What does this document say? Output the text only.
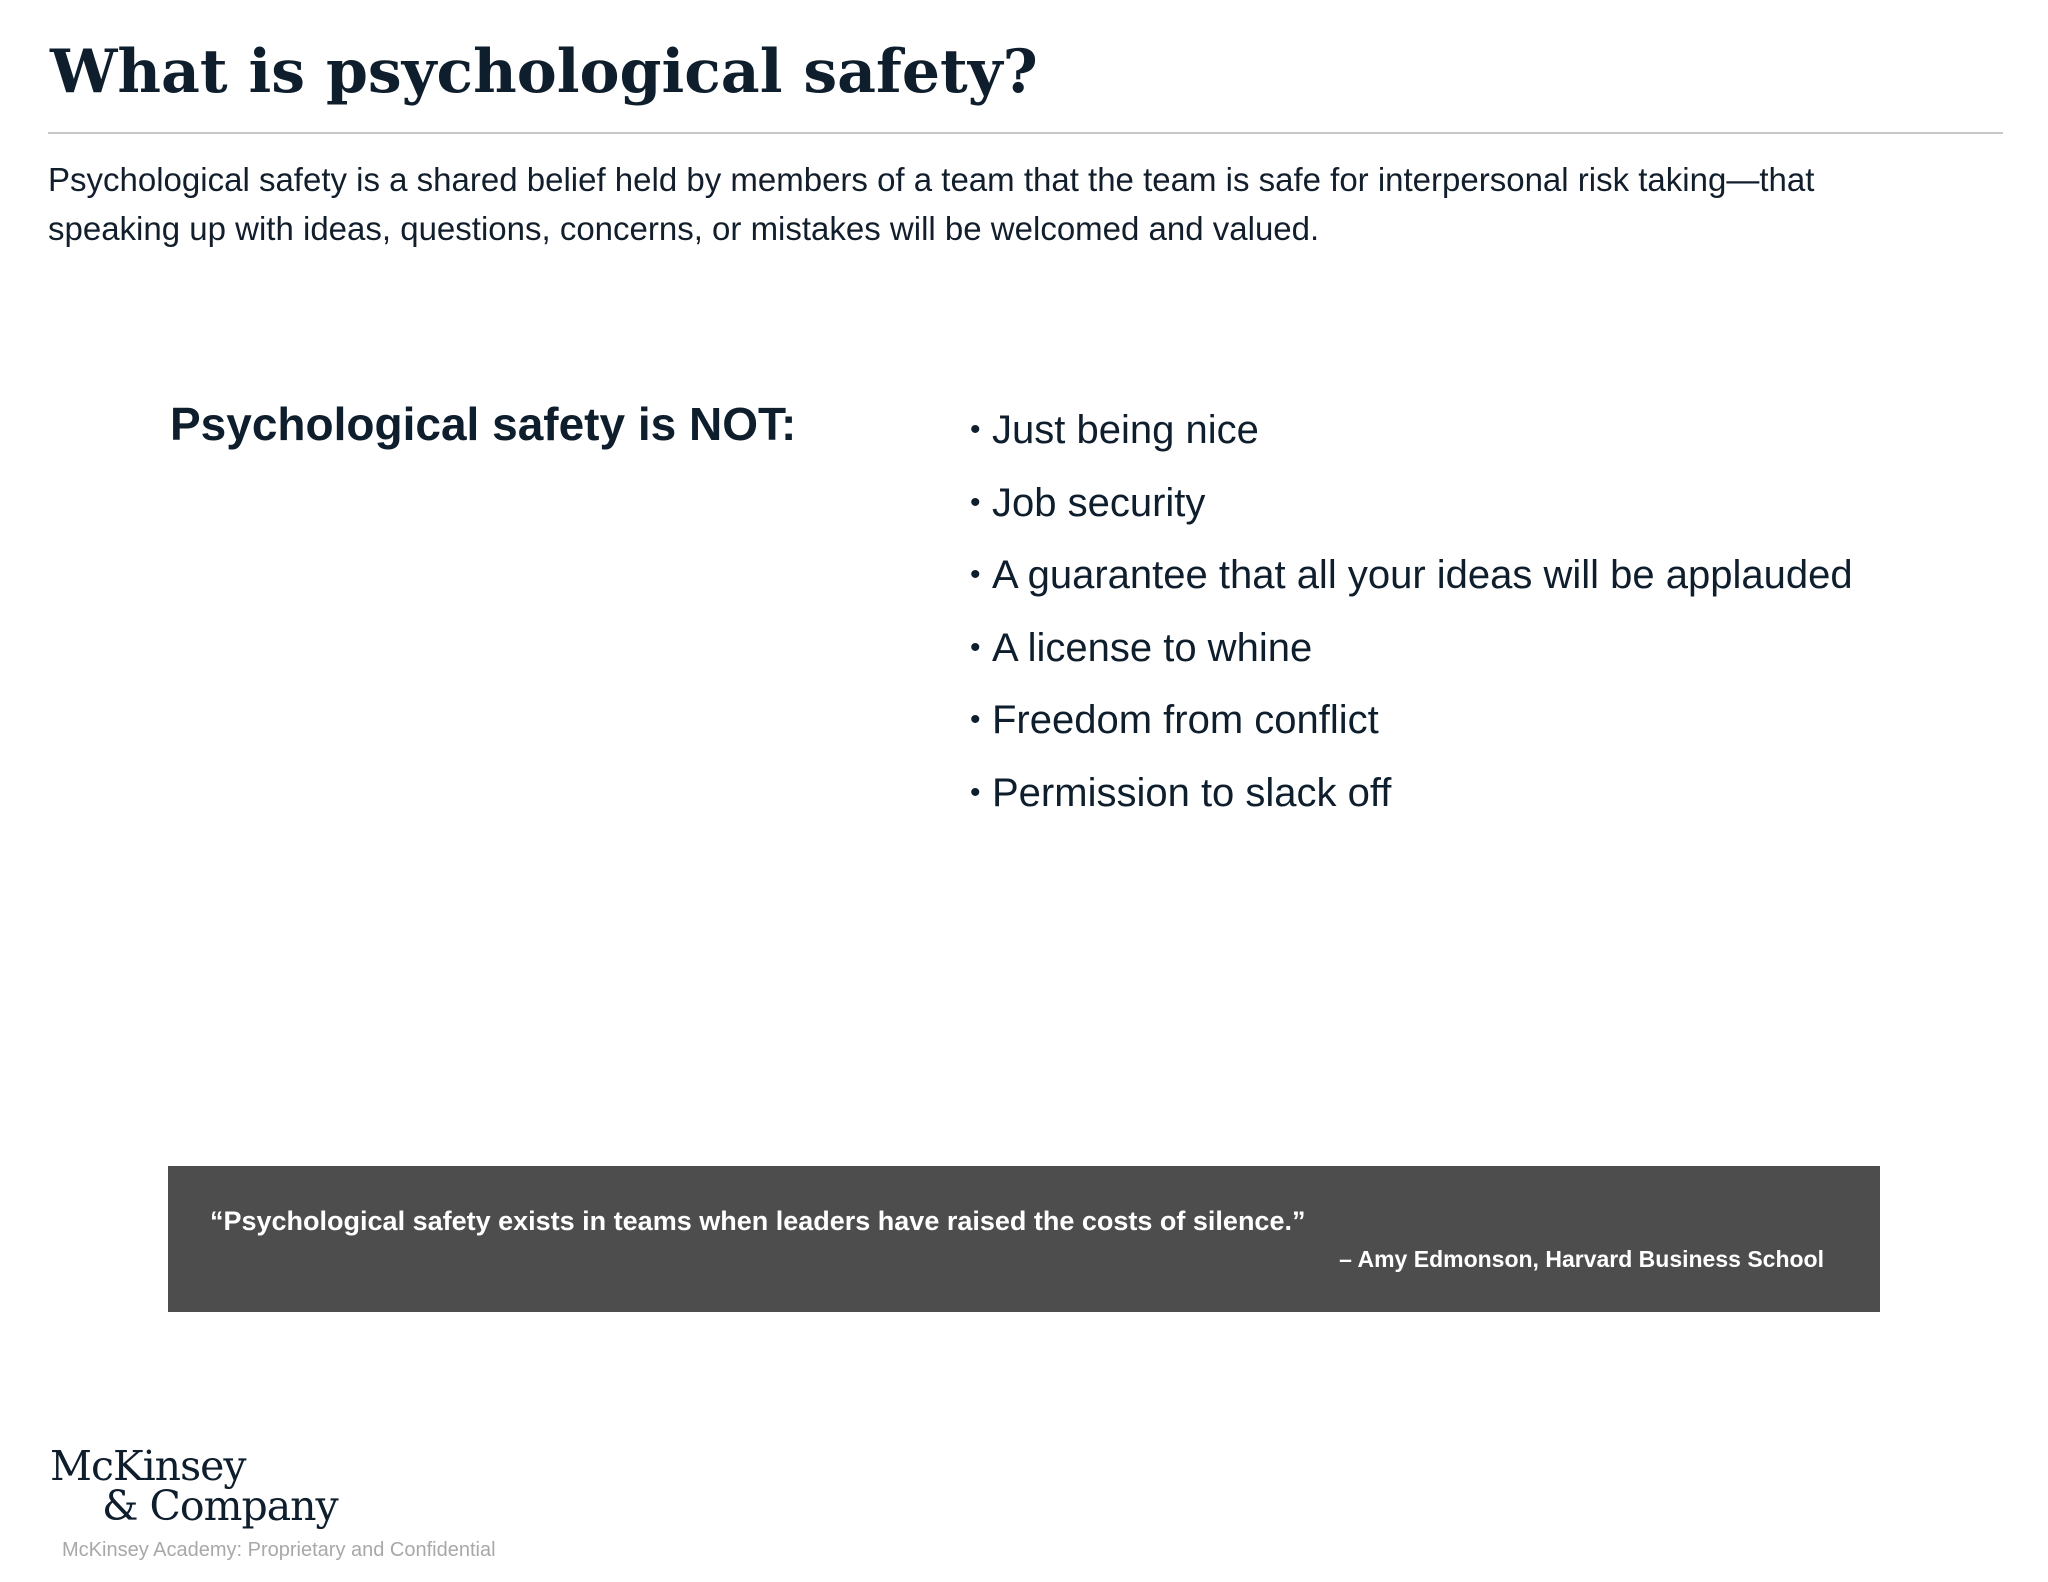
What is psychological safety?

Psychological safety is a shared belief held by members of a team that the team is safe for interpersonal risk taking—that speaking up with ideas, questions, concerns, or mistakes will be welcomed and valued.

Psychological safety is NOT:	• Just being nice
• Job security
• A guarantee that all your ideas will be applauded
• A license to whine
• Freedom from conflict
• Permission to slack off

“Psychological safety exists in teams when leaders have raised the costs of silence.”

– Amy Edmonson, Harvard Business School

McKinsey
& Company

McKinsey Academy: Proprietary and Confidential
